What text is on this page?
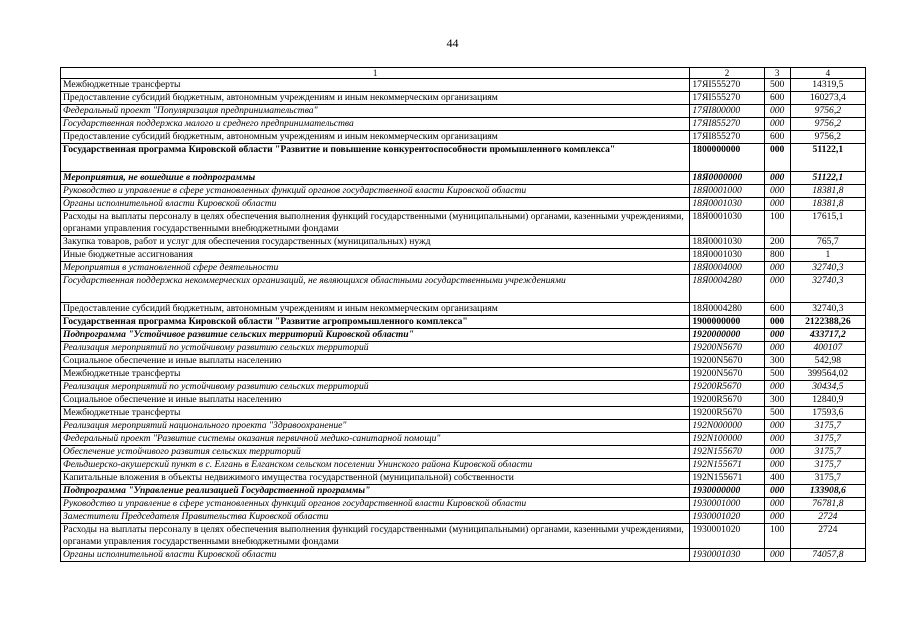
44
1	2	3	4
Межбюджетные трансферты	17ЯI555270	500	14319,5
Предоставление субсидий бюджетным, автономным учреждениям и иным некоммерческим организациям	17ЯI555270	600	160273,4
Федеральный проект "Популяризация предпринимательства"	17ЯI800000	000	9756,2
Государственная поддержка малого и среднего предпринимательства	17ЯI855270	000	9756,2
Предоставление субсидий бюджетным, автономным учреждениям и иным некоммерческим организациям	17ЯI855270	600	9756,2
Государственная программа Кировской области "Развитие и повышение конкурентоспособности промышленного комплекса"	1800000000	000	51122,1
Мероприятия, не вошедшие в подпрограммы	18Я0000000	000	51122,1
Руководство и управление в сфере установленных функций органов государственной власти Кировской области	18Я0001000	000	18381,8
Органы исполнительной власти Кировской области	18Я0001030	000	18381,8
Расходы на выплаты персоналу в целях обеспечения выполнения функций государственными (муниципальными) органами, казенными учреждениями, органами управления государственными внебюджетными фондами	18Я0001030	100	17615,1
Закупка товаров, работ и услуг для обеспечения государственных (муниципальных) нужд	18Я0001030	200	765,7
Иные бюджетные ассигнования	18Я0001030	800	1
Мероприятия в установленной сфере деятельности	18Я0004000	000	32740,3
Государственная поддержка некоммерческих организаций, не являющихся областными государственными учреждениями	18Я0004280	000	32740,3
Предоставление субсидий бюджетным, автономным учреждениям и иным некоммерческим организациям	18Я0004280	600	32740,3
Государственная программа Кировской области "Развитие агропромышленного комплекса"	1900000000	000	2122388,26
Подпрограмма "Устойчивое развитие сельских территорий Кировской области"	1920000000	000	433717,2
Реализация мероприятий по устойчивому развитию сельских территорий	19200N5670	000	400107
Социальное обеспечение и иные выплаты населению	19200N5670	300	542,98
Межбюджетные трансферты	19200N5670	500	399564,02
Реализация мероприятий по устойчивому развитию сельских территорий	19200R5670	000	30434,5
Социальное обеспечение и иные выплаты населению	19200R5670	300	12840,9
Межбюджетные трансферты	19200R5670	500	17593,6
Реализация мероприятий национального проекта "Здравоохранение"	192N000000	000	3175,7
Федеральный проект "Развитие системы оказания первичной медико-санитарной помощи"	192N100000	000	3175,7
Обеспечение устойчивого развития сельских территорий	192N155670	000	3175,7
Фельдшерско-акушерский пункт в с. Елгань в Елганском сельском поселении Унинского района Кировской области	192N155671	000	3175,7
Капитальные вложения в объекты недвижимого имущества государственной (муниципальной) собственности	192N155671	400	3175,7
Подпрограмма "Управление реализацией Государственной программы"	1930000000	000	133908,6
Руководство и управление в сфере установленных функций органов государственной власти Кировской области	1930001000	000	76781,8
Заместители Председателя Правительства Кировской области	1930001020	000	2724
Расходы на выплаты персоналу в целях обеспечения выполнения функций государственными (муниципальными) органами, казенными учреждениями, органами управления государственными внебюджетными фондами	1930001020	100	2724
Органы исполнительной власти Кировской области	1930001030	000	74057,8
